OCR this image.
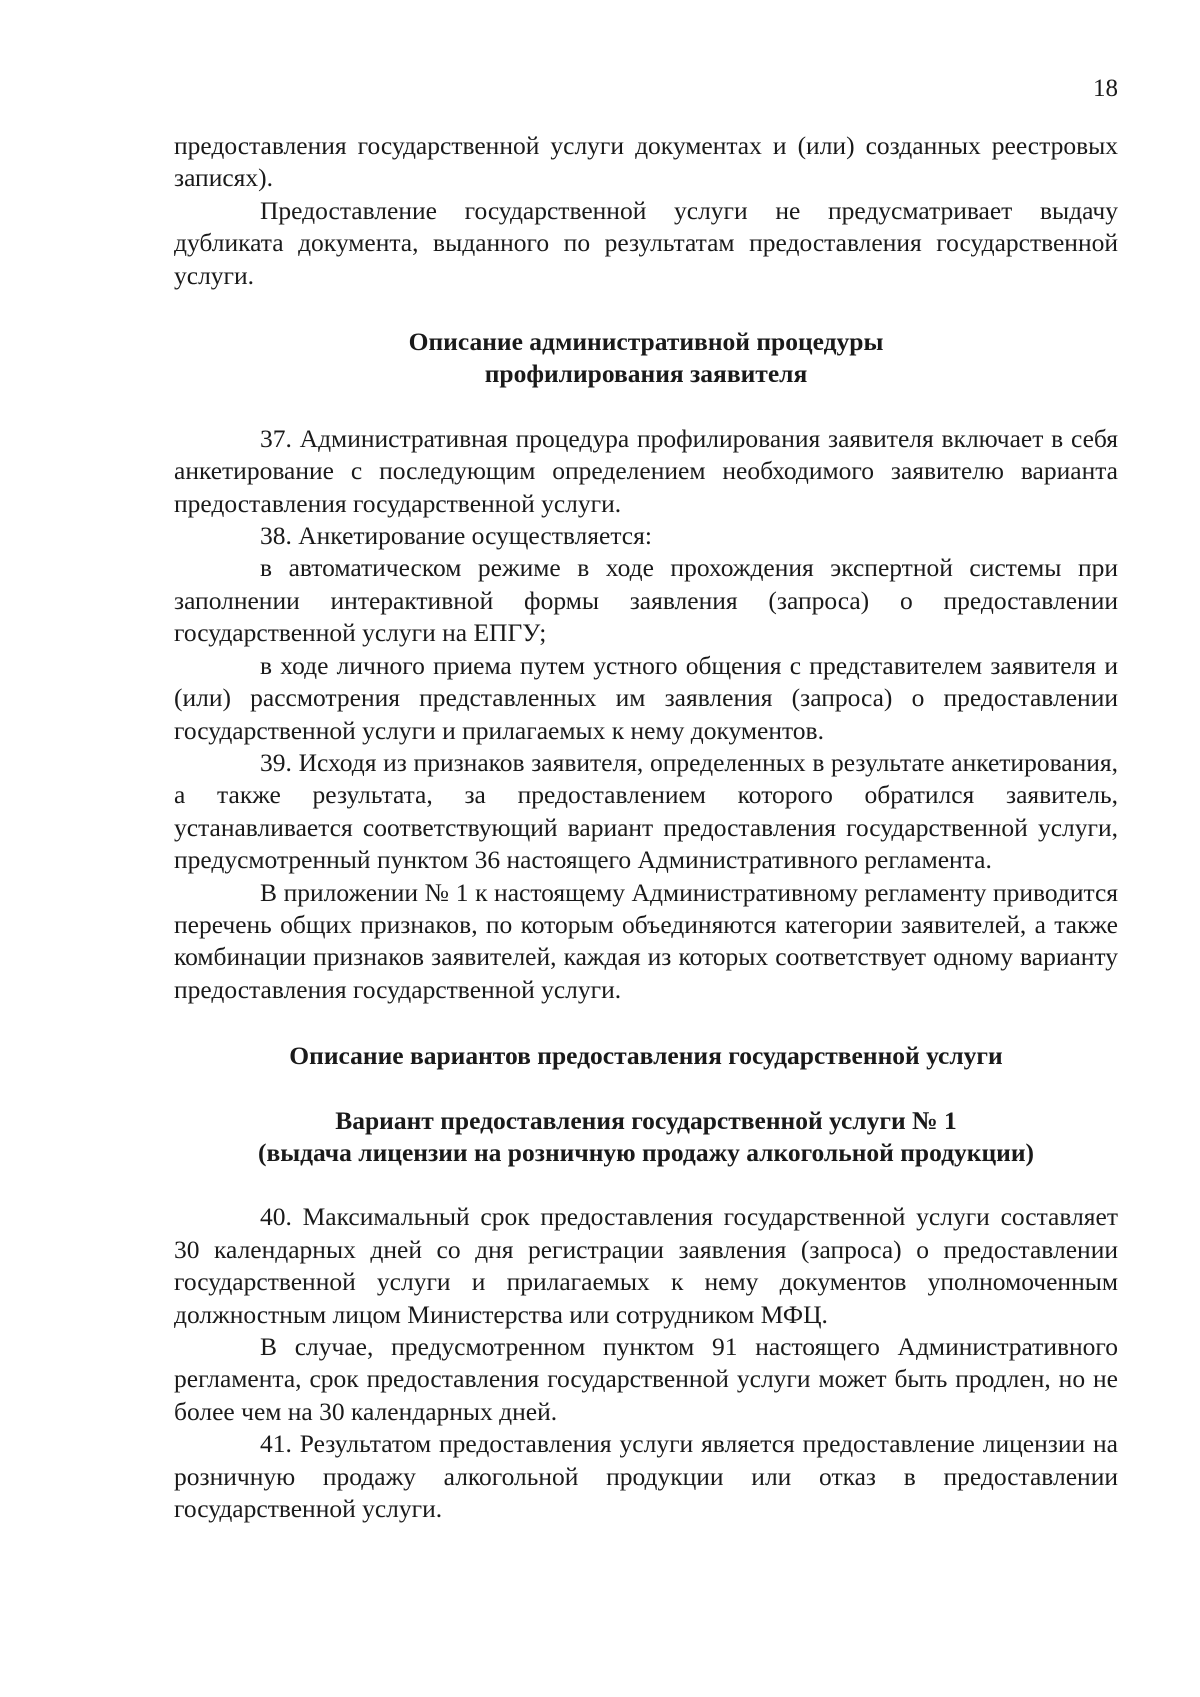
18

предоставления государственной услуги документах и (или) созданных реестровых записях).

Предоставление государственной услуги не предусматривает выдачу дубликата документа, выданного по результатам предоставления государственной услуги.

Описание административной процедуры

профилирования заявителя

37. Административная процедура профилирования заявителя включает в себя анкетирование с последующим определением необходимого заявителю варианта предоставления государственной услуги.

38. Анкетирование осуществляется:

в автоматическом режиме в ходе прохождения экспертной системы при заполнении интерактивной формы заявления (запроса) о предоставлении государственной услуги на ЕПГУ;

в ходе личного приема путем устного общения с представителем заявителя и (или) рассмотрения представленных им заявления (запроса) о предоставлении государственной услуги и прилагаемых к нему документов.

39. Исходя из признаков заявителя, определенных в результате анкетирования, а также результата, за предоставлением которого обратился заявитель, устанавливается соответствующий вариант предоставления государственной услуги, предусмотренный пунктом 36 настоящего Административного регламента.

В приложении № 1 к настоящему Административному регламенту приводится перечень общих признаков, по которым объединяются категории заявителей, а также комбинации признаков заявителей, каждая из которых соответствует одному варианту предоставления государственной услуги.

Описание вариантов предоставления государственной услуги

Вариант предоставления государственной услуги № 1

(выдача лицензии на розничную продажу алкогольной продукции)

40. Максимальный срок предоставления государственной услуги составляет 30 календарных дней со дня регистрации заявления (запроса) о предоставлении государственной услуги и прилагаемых к нему документов уполномоченным должностным лицом Министерства или сотрудником МФЦ.

В случае, предусмотренном пунктом 91 настоящего Административного регламента, срок предоставления государственной услуги может быть продлен, но не более чем на 30 календарных дней.

41. Результатом предоставления услуги является предоставление лицензии на розничную продажу алкогольной продукции или отказ в предоставлении государственной услуги.
